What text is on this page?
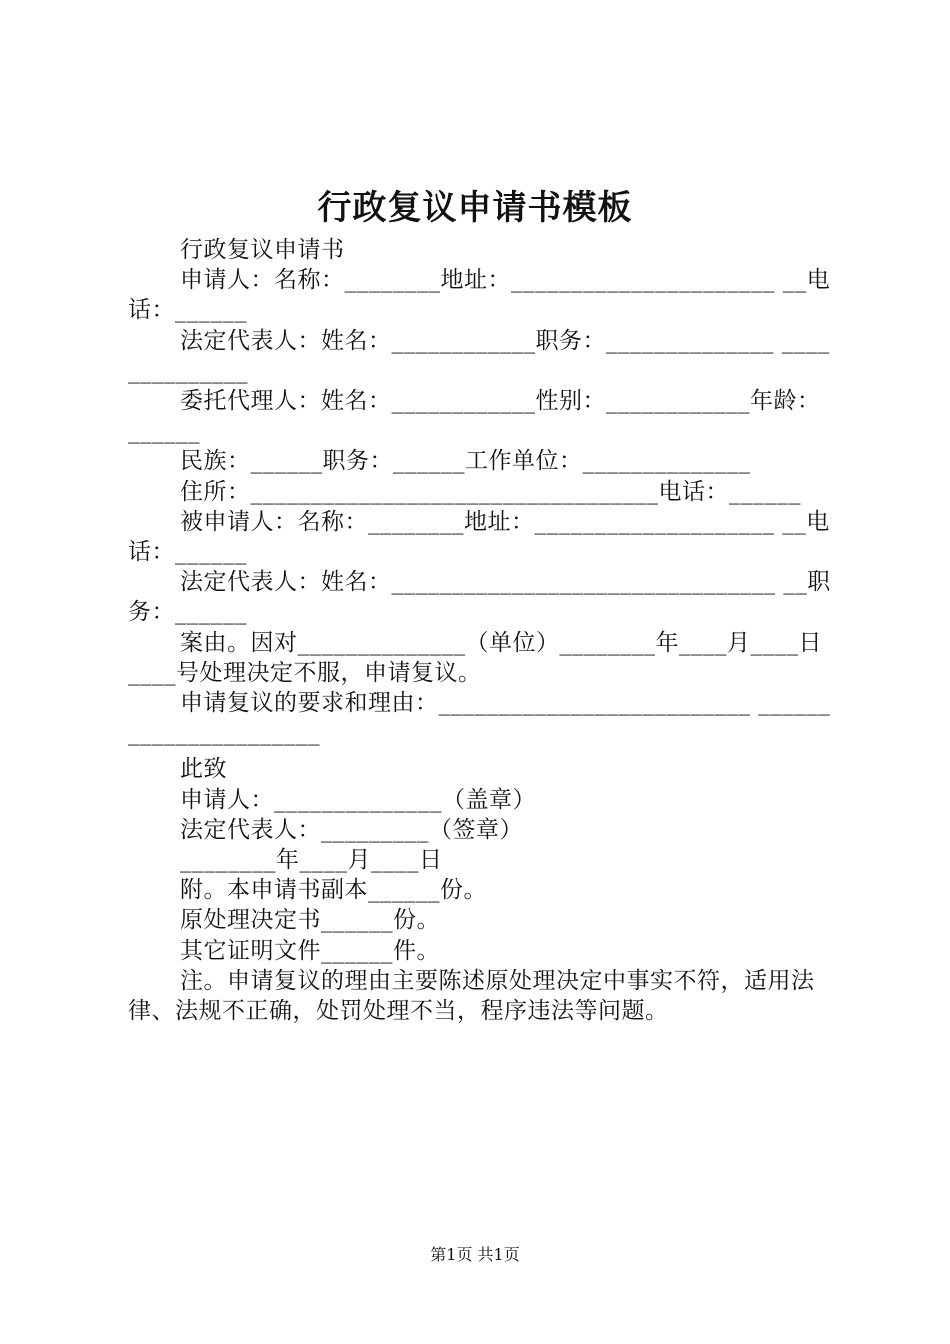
行政复议申请书模板

行政复议申请书

申请人：名称：________地址：______________________ __电话：______

法定代表人：姓名：____________职务：______________ ______________

委托代理人：姓名：____________性别：____________年龄：______

民族：______职务：______工作单位：______________

住所：__________________________________电话：______

被申请人：名称：________地址：____________________ __电话：______

法定代表人：姓名：________________________________ __职务：______

案由。因对______________（单位）________年____月____日____号处理决定不服，申请复议。

申请复议的要求和理由：__________________________ ______________________

此致

申请人：______________（盖章）

法定代表人：_________（签章）

________年____月____日

附。本申请书副本______份。

原处理决定书______份。

其它证明文件______件。

注。申请复议的理由主要陈述原处理决定中事实不符，适用法律、法规不正确，处罚处理不当，程序违法等问题。

第1页 共1页
